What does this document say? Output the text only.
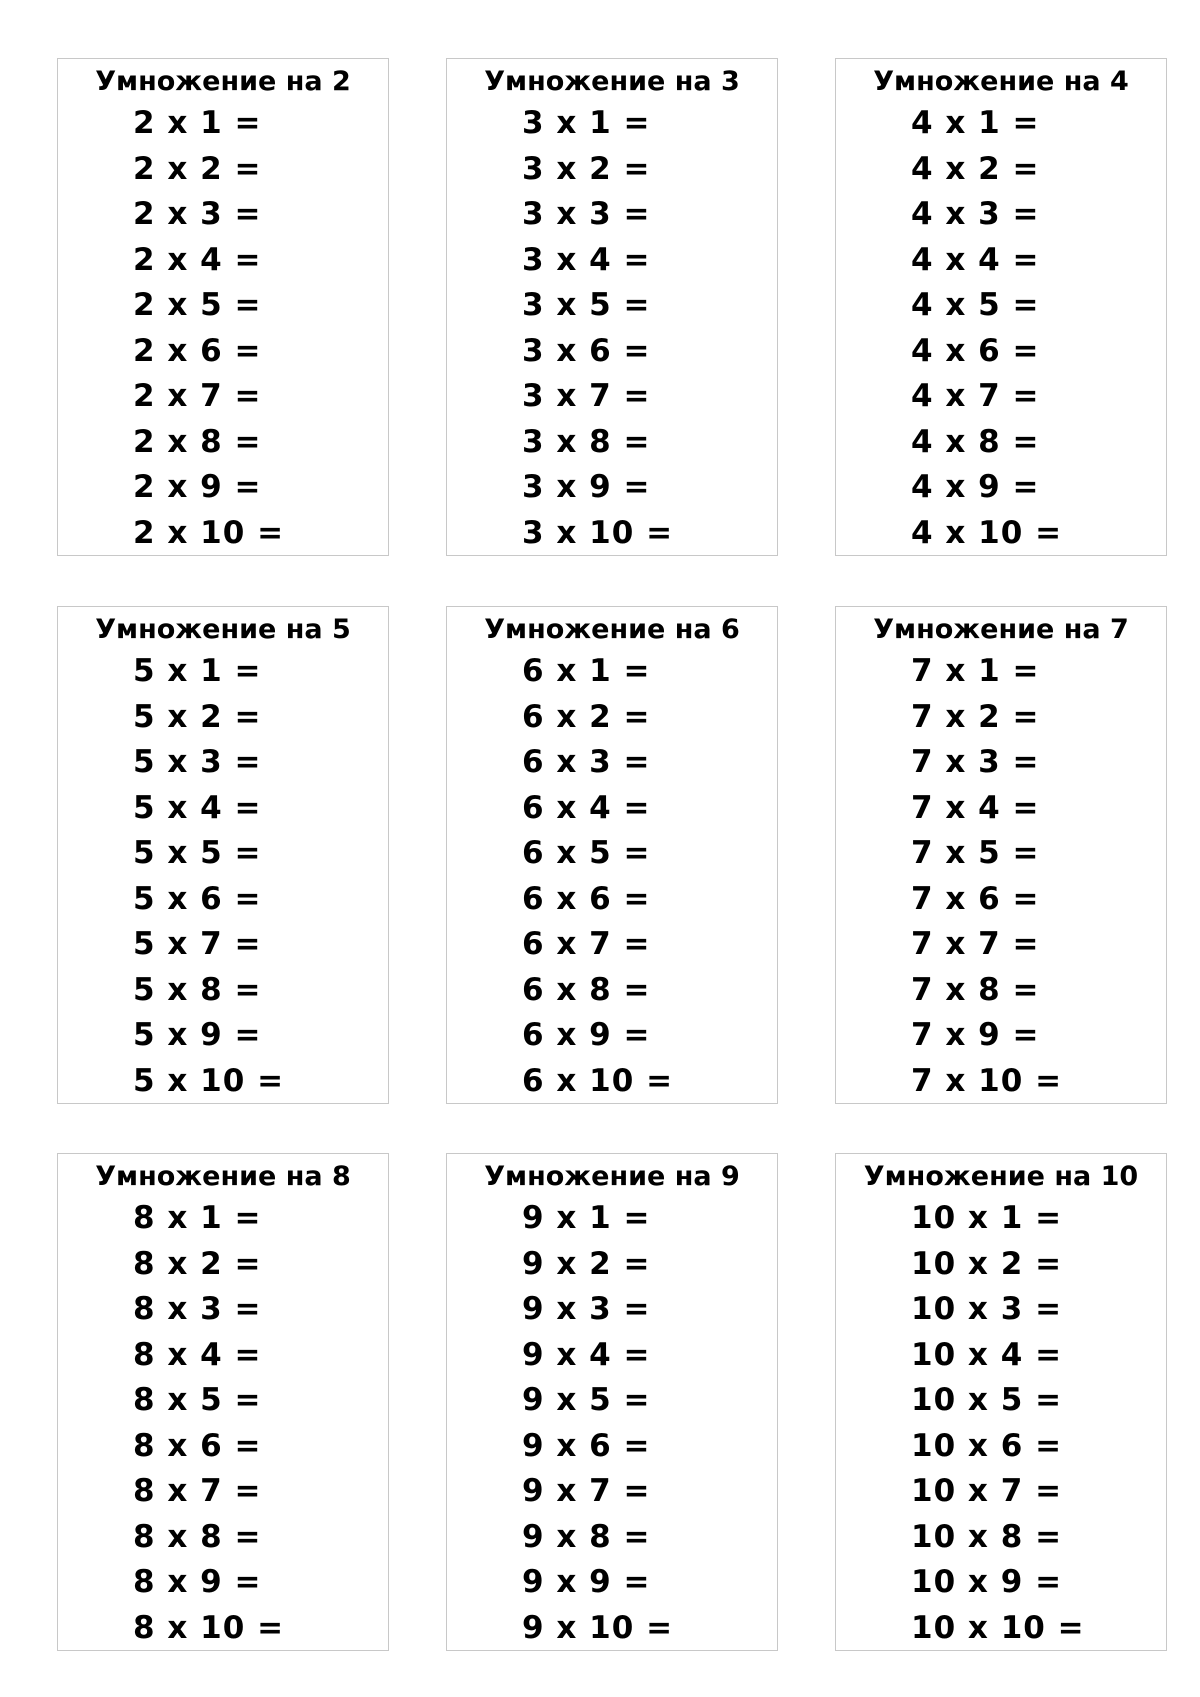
Умножение на 2
2 x 1 =
2 x 2 =
2 x 3 =
2 x 4 =
2 x 5 =
2 x 6 =
2 x 7 =
2 x 8 =
2 x 9 =
2 x 10 =
Умножение на 3
3 x 1 =
3 x 2 =
3 x 3 =
3 x 4 =
3 x 5 =
3 x 6 =
3 x 7 =
3 x 8 =
3 x 9 =
3 x 10 =
Умножение на 4
4 x 1 =
4 x 2 =
4 x 3 =
4 x 4 =
4 x 5 =
4 x 6 =
4 x 7 =
4 x 8 =
4 x 9 =
4 x 10 =
Умножение на 5
5 x 1 =
5 x 2 =
5 x 3 =
5 x 4 =
5 x 5 =
5 x 6 =
5 x 7 =
5 x 8 =
5 x 9 =
5 x 10 =
Умножение на 6
6 x 1 =
6 x 2 =
6 x 3 =
6 x 4 =
6 x 5 =
6 x 6 =
6 x 7 =
6 x 8 =
6 x 9 =
6 x 10 =
Умножение на 7
7 x 1 =
7 x 2 =
7 x 3 =
7 x 4 =
7 x 5 =
7 x 6 =
7 x 7 =
7 x 8 =
7 x 9 =
7 x 10 =
Умножение на 8
8 x 1 =
8 x 2 =
8 x 3 =
8 x 4 =
8 x 5 =
8 x 6 =
8 x 7 =
8 x 8 =
8 x 9 =
8 x 10 =
Умножение на 9
9 x 1 =
9 x 2 =
9 x 3 =
9 x 4 =
9 x 5 =
9 x 6 =
9 x 7 =
9 x 8 =
9 x 9 =
9 x 10 =
Умножение на 10
10 x 1 =
10 x 2 =
10 x 3 =
10 x 4 =
10 x 5 =
10 x 6 =
10 x 7 =
10 x 8 =
10 x 9 =
10 x 10 =
